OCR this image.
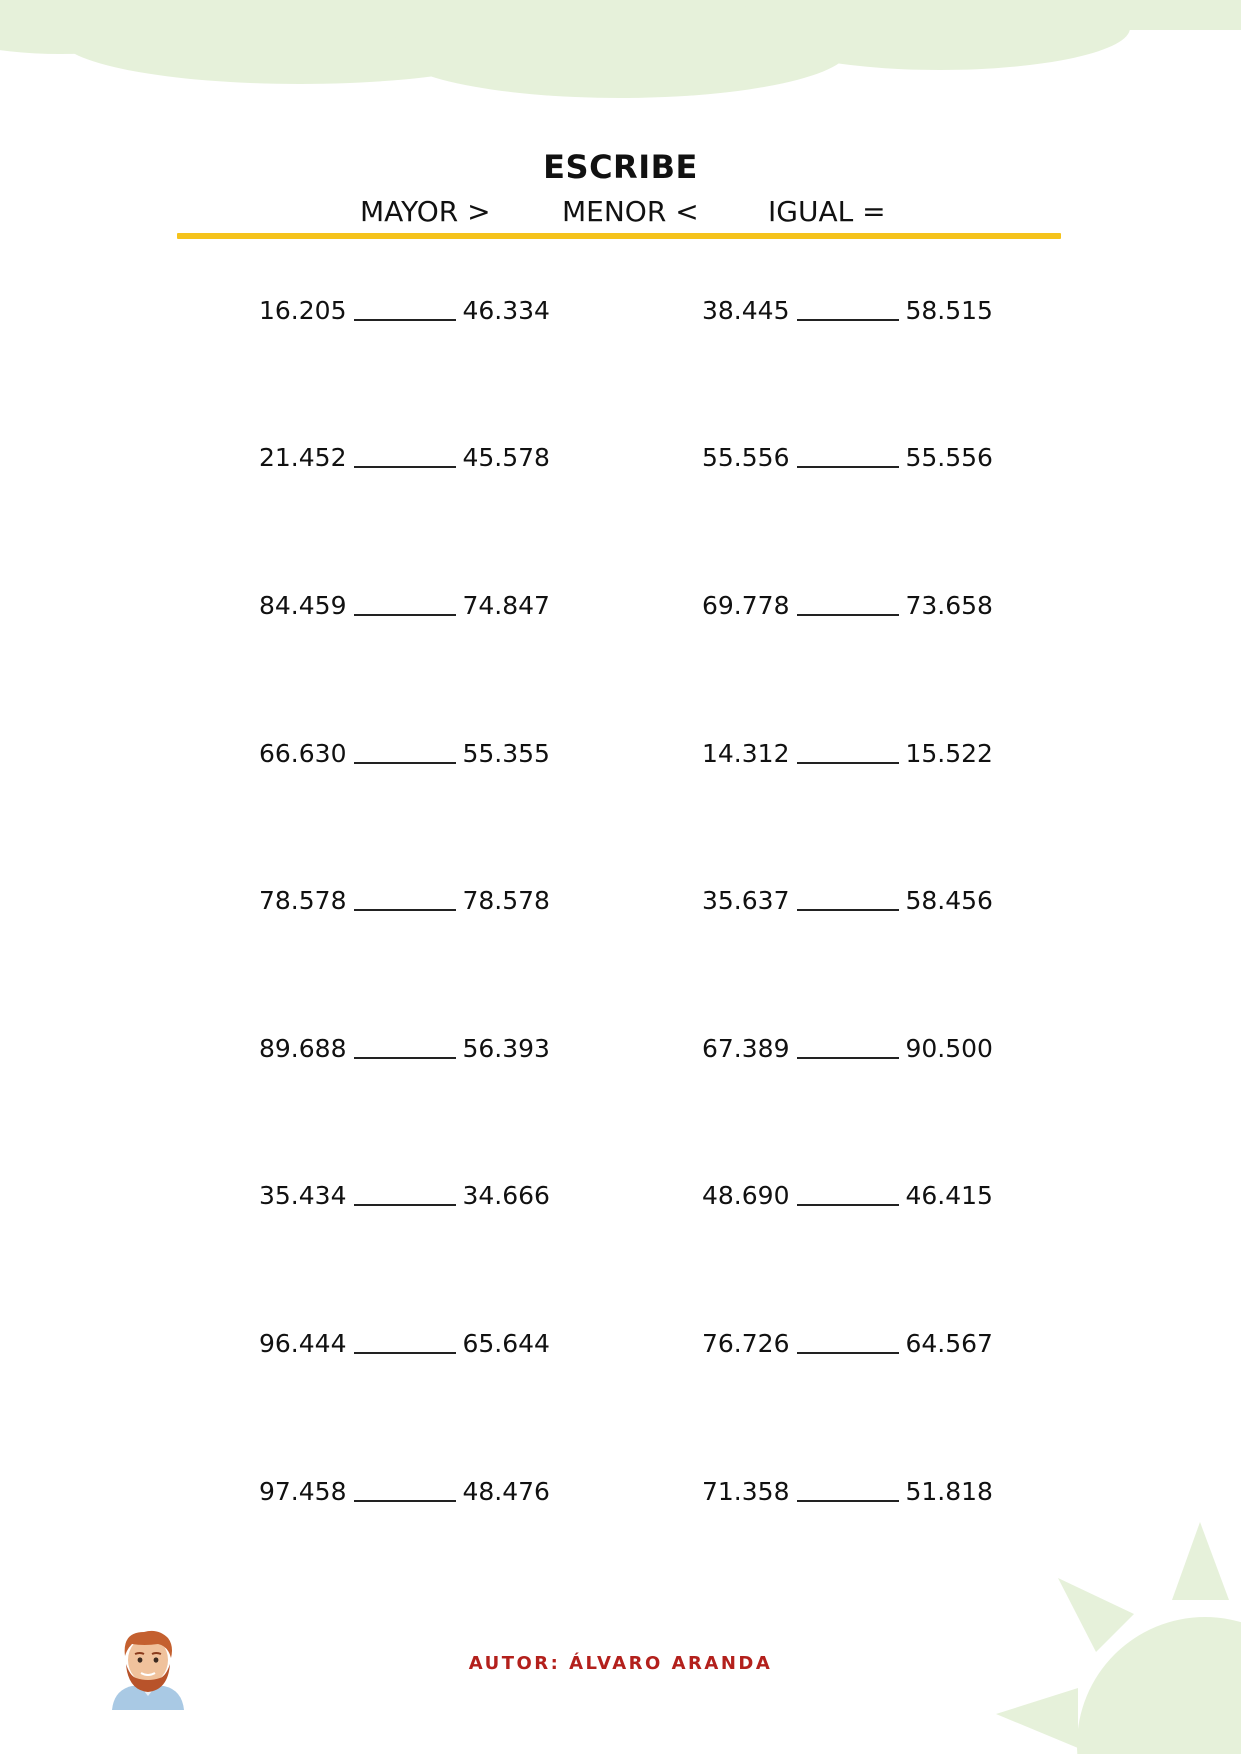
ESCRIBE
MAYOR >	MENOR < IGUAL =
16.205	46.334
21.452	45.578
84.459	74.847
66.630	55.355
78.578	78.578
89.688	56.393
35.434	34.666
96.444	65.644
97.458	48.476
38.445	58.515
55.556	55.556
69.778	73.658
14.312	15.522
35.637	58.456
67.389	90.500
48.690	46.415
76.726	64.567
71.358	51.818
AUTOR: ÁLVARO ARANDA
